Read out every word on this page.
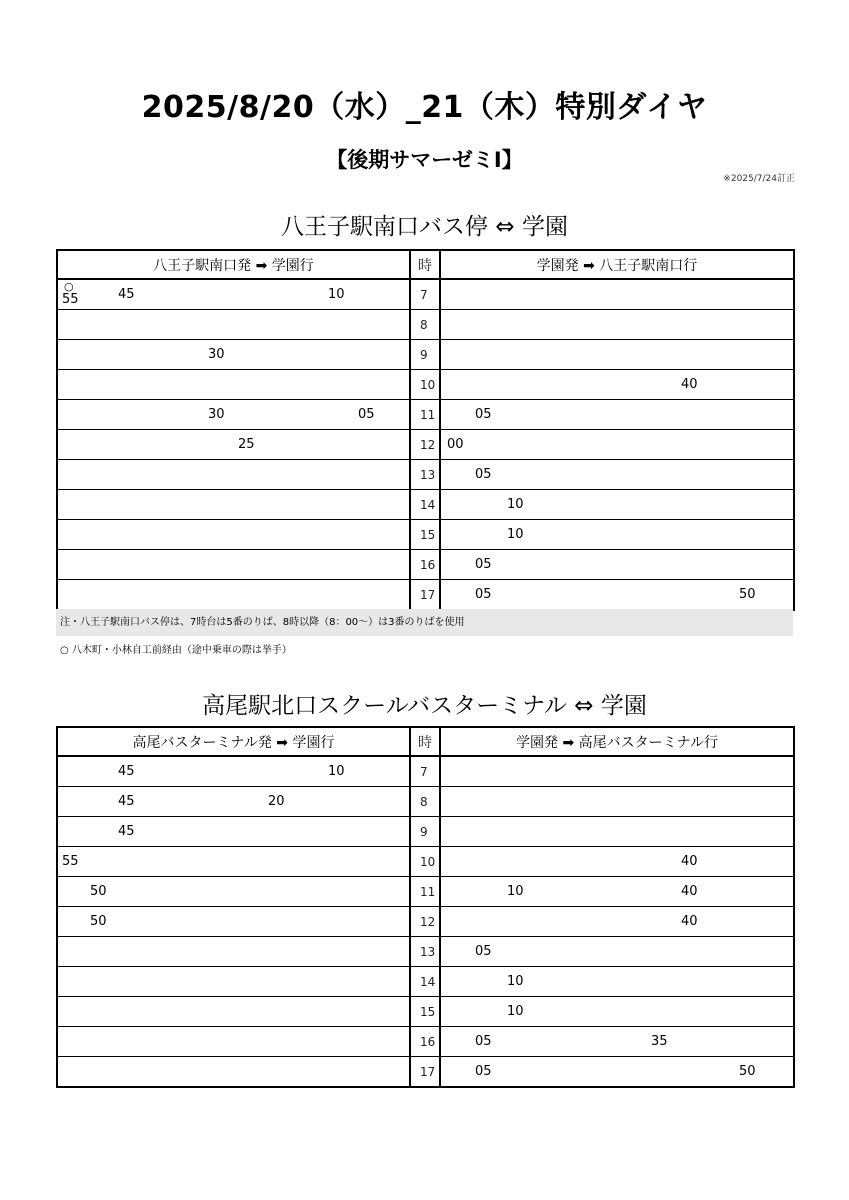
2025/8/20（水）_21（木）特別ダイヤ
【後期サマーゼミⅠ】
※2025/7/24訂正
八王子駅南口バス停 ⇔ 学園
八王子駅南口発 ➡ 学園行	時	学園発 ➡ 八王子駅南口行

○
55 45 10	7	

	8	

30	9	

	10	40

30 05	11	05

25	12	00

	13	05

	14	10

	15	10

	16	05

	17	05 50
注・八王子駅南口バス停は、7時台は5番のりば、8時以降（8：00～）は3番のりばを使用
○ 八木町・小林自工前経由（途中乗車の際は挙手）
高尾駅北口スクールバスターミナル ⇔ 学園
高尾バスターミナル発 ➡ 学園行	時	学園発 ➡ 高尾バスターミナル行

45 10	7	

45 20	8	

45	9	

55	10	40

50	11	10 40

50	12	40

	13	05

	14	10

	15	10

	16	05 35

	17	05 50
